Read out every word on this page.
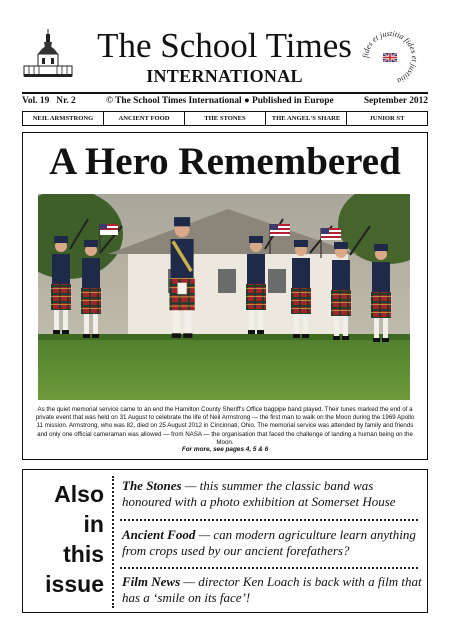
The School Times
INTERNATIONAL
fides et justitia fides et justitia
Vol. 19   Nr. 2	© The School Times International ● Published in Europe	September 2012
NEIL ARMSTRONG	ANCIENT FOOD	THE STONES	THE ANGEL'S SHARE	JUNIOR ST
A Hero Remembered
As the quiet memorial service came to an end the Hamilton County Sheriff's Office bagpipe band played. Their tunes marked the end of a private event that was held on 31 August to celebrate the life of Neil Armstrong — the first man to walk on the Moon during the 1969 Apollo 11 mission. Armstrong, who was 82, died on 25 August 2012 in Cincinnati, Ohio. The memorial service was attended by family and friends and only one official cameraman was allowed — from NASA — the organisation that faced the challenge of landing a human being on the Moon.
For more, see pages 4, 5 & 6
Also
in
this
issue
The Stones — this summer the classic band was honoured with a photo exhibition at Somerset House
Ancient Food — can modern agriculture learn anything from crops used by our ancient forefathers?
Film News — director Ken Loach is back with a film that has a ‘smile on its face’!
